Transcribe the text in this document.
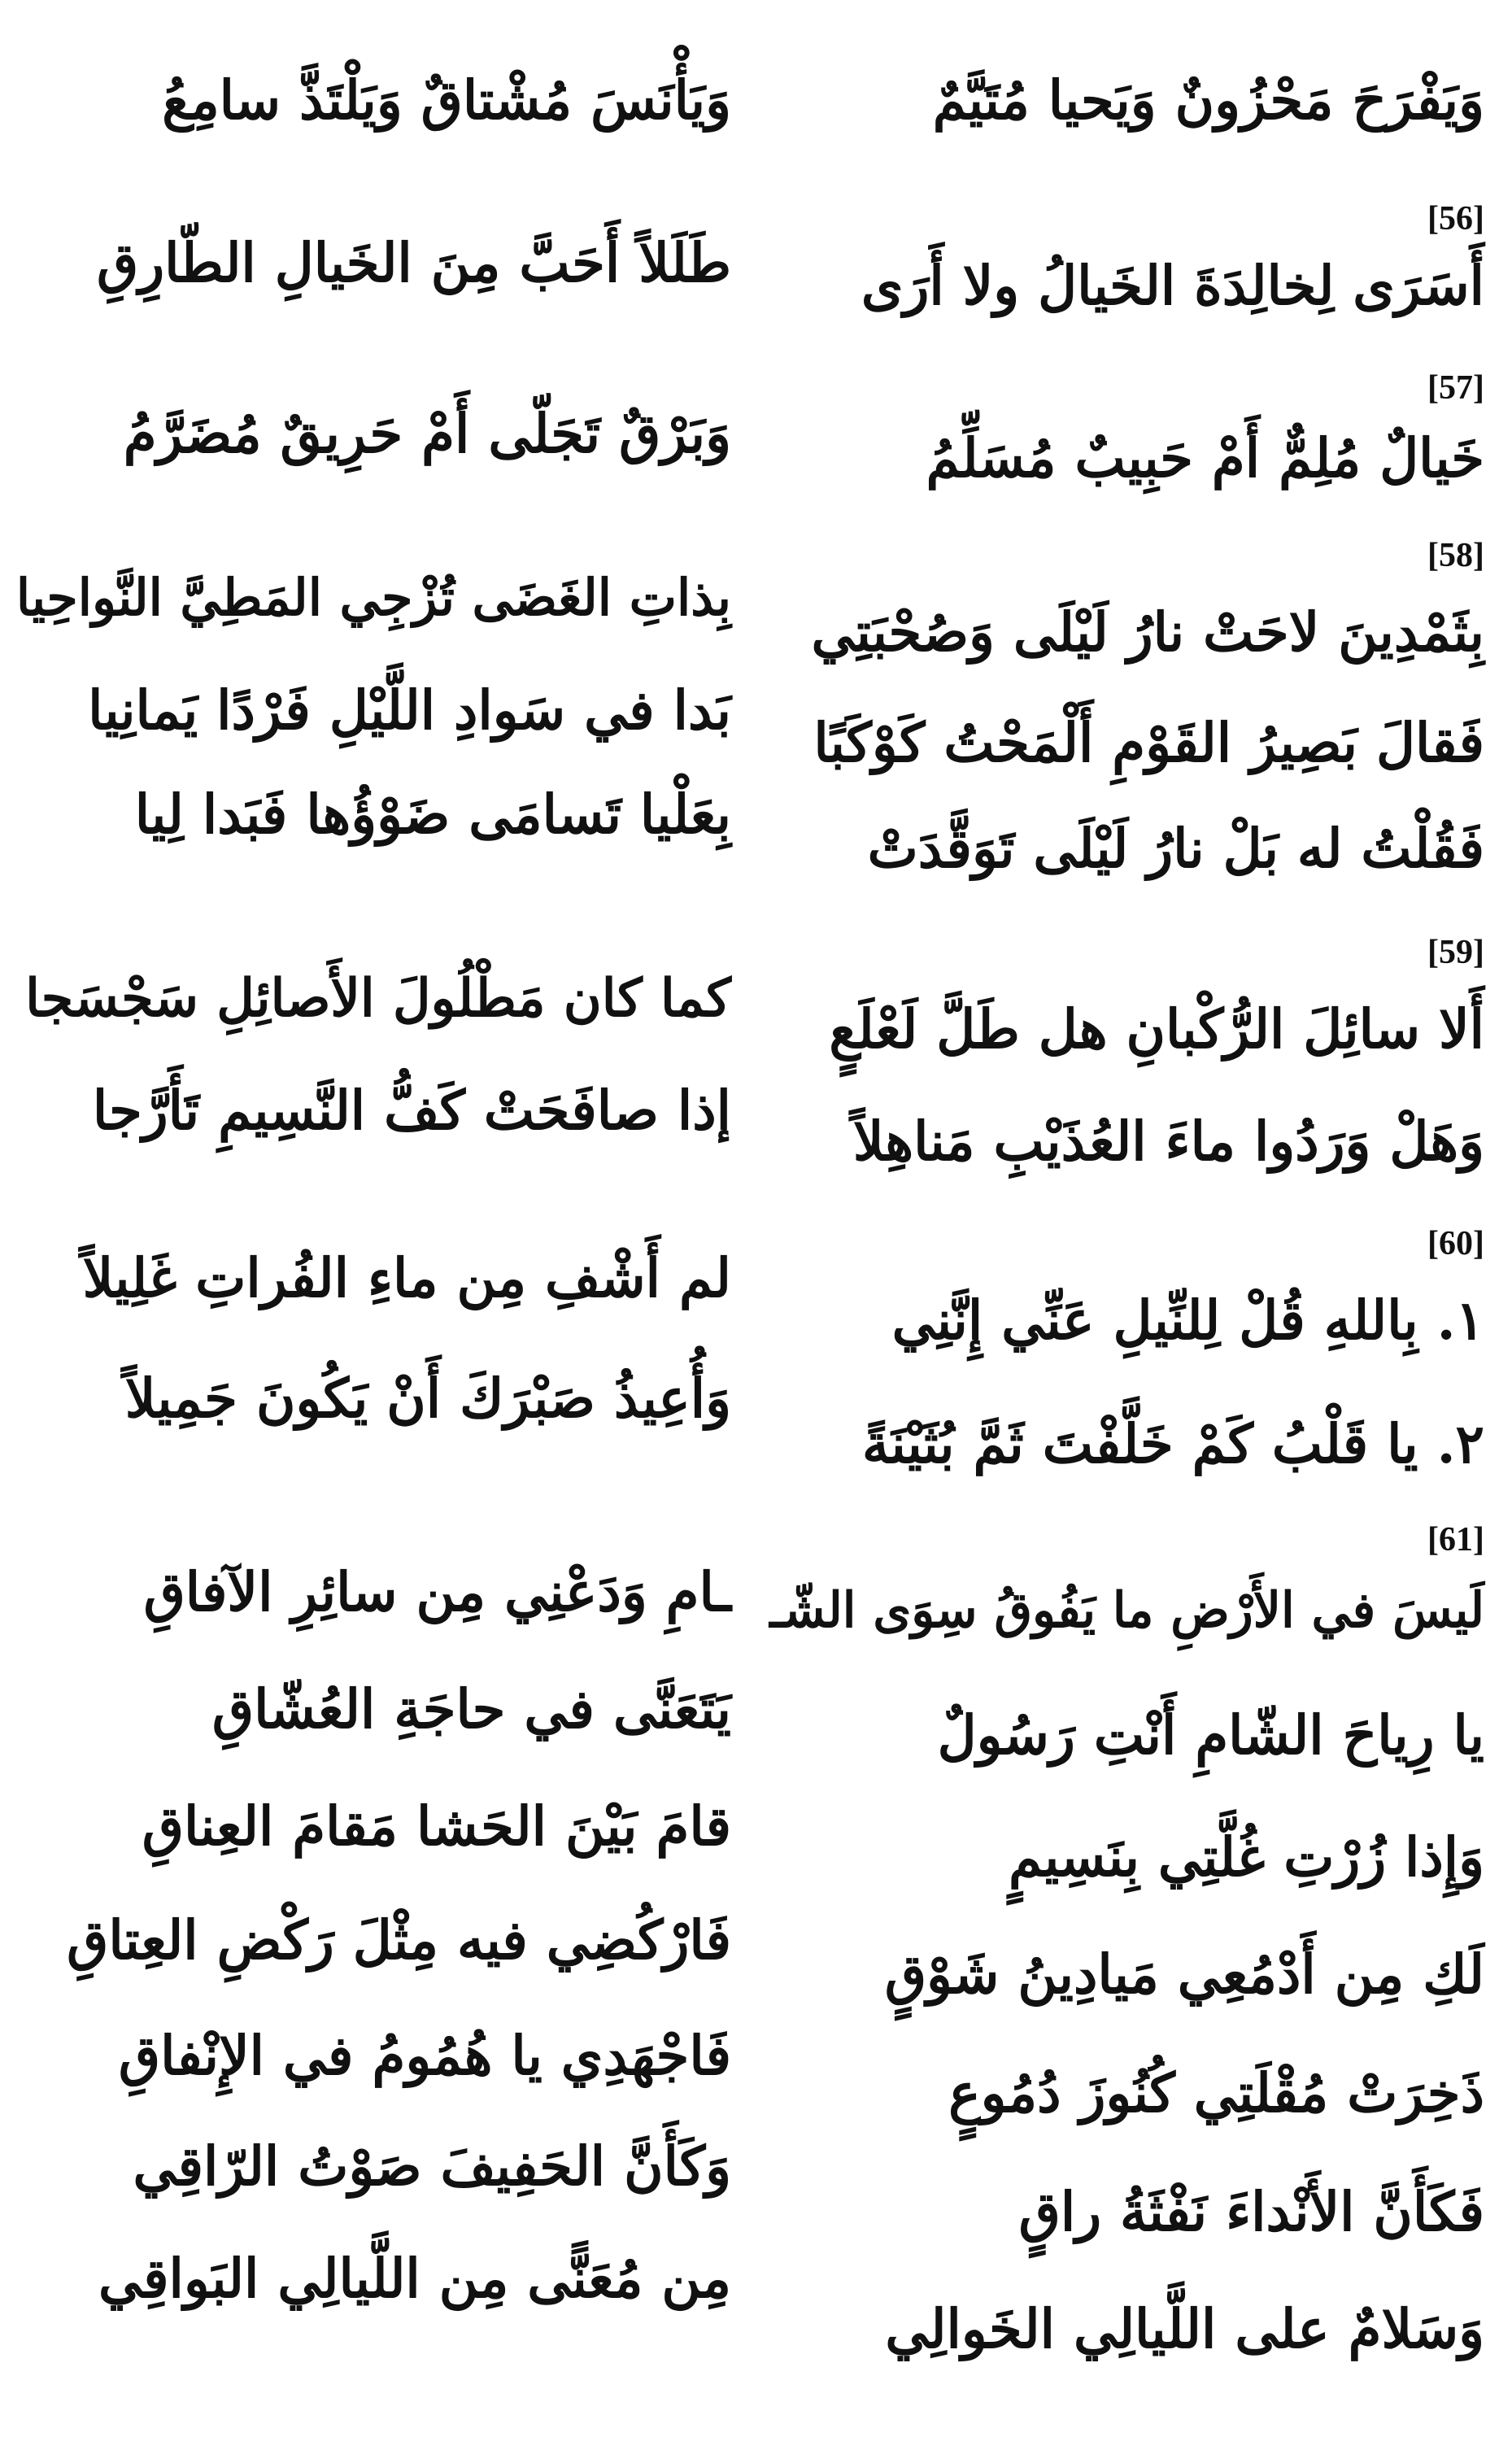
وَيَفْرَحَ مَحْزُونٌ وَيَحيا مُتَيَّمٌ
وَيَأْنَسَ مُشْتاقٌ وَيَلْتَذَّ سامِعُ
[56]
أَسَرَى لِخالِدَةَ الخَيالُ ولا أَرَى
طَلَلاً أَحَبَّ مِنَ الخَيالِ الطّارِقِ
[57]
خَيالٌ مُلِمٌّ أَمْ حَبِيبٌ مُسَلِّمُ
وَبَرْقٌ تَجَلّى أَمْ حَرِيقٌ مُضَرَّمُ
[58]
بِثَمْدِينَ لاحَتْ نارُ لَيْلَى وَصُحْبَتِي
بِذاتِ الغَضَى تُزْجِي المَطِيَّ النَّواحِيا
فَقالَ بَصِيرُ القَوْمِ أَلْمَحْتُ كَوْكَبًا
بَدا في سَوادِ اللَّيْلِ فَرْدًا يَمانِيا
فَقُلْتُ له بَلْ نارُ لَيْلَى تَوَقَّدَتْ
بِعَلْيا تَسامَى ضَوْؤُها فَبَدا لِيا
[59]
أَلا سائِلَ الرُّكْبانِ هل طَلَّ لَعْلَعٍ
كما كان مَطْلُولَ الأَصائِلِ سَجْسَجا
وَهَلْ وَرَدُوا ماءَ العُذَيْبِ مَناهِلاً
إذا صافَحَتْ كَفُّ النَّسِيمِ تَأَرَّجا
[60]
١. بِاللهِ قُلْ لِلنِّيلِ عَنِّي إِنَّنِي
لم أَشْفِ مِن ماءِ الفُراتِ غَلِيلاً
٢. يا قَلْبُ كَمْ خَلَّفْتَ ثَمَّ بُثَيْنَةً
وَأُعِيذُ صَبْرَكَ أَنْ يَكُونَ جَمِيلاً
[61]
لَيسَ في الأَرْضِ ما يَفُوقُ سِوَى الشّـ
ـامِ وَدَعْنِي مِن سائِرِ الآفاقِ
يا رِياحَ الشّامِ أَنْتِ رَسُولٌ
يَتَعَنَّى في حاجَةِ العُشّاقِ
وَإِذا زُرْتِ غُلَّتِي بِنَسِيمٍ
قامَ بَيْنَ الحَشا مَقامَ العِناقِ
لَكِ مِن أَدْمُعِي مَيادِينُ شَوْقٍ
فَارْكُضِي فيه مِثْلَ رَكْضِ العِتاقِ
ذَخِرَتْ مُقْلَتِي كُنُوزَ دُمُوعٍ
فَاجْهَدِي يا هُمُومُ في الإِنْفاقِ
فَكَأَنَّ الأَنْداءَ نَفْثَةُ راقٍ
وَكَأَنَّ الحَفِيفَ صَوْتُ الرّاقِي
وَسَلامٌ على اللَّيالِي الخَوالِي
مِن مُعَنًّى مِن اللَّيالِي البَواقِي
